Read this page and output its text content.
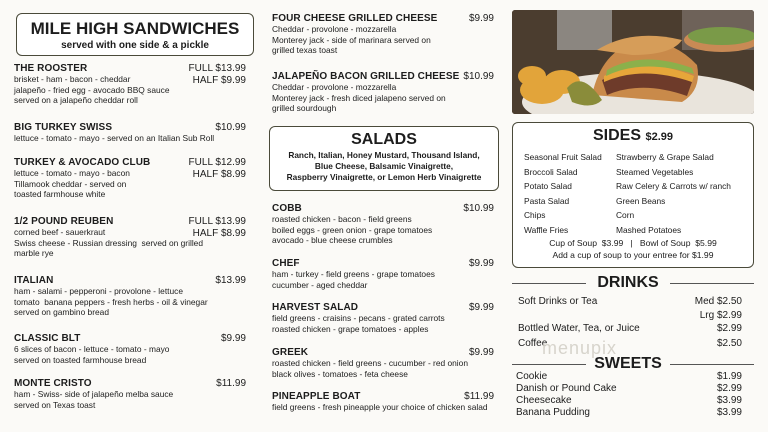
MILE HIGH SANDWICHES
served with one side & a pickle
THE ROOSTER	FULL $13.99
HALF $9.99
brisket - ham - bacon - cheddar
jalapeño - fried egg - avocado BBQ sauce
served on a jalapeño cheddar roll
BIG TURKEY SWISS	$10.99
lettuce - tomato - mayo - served on an Italian Sub Roll
TURKEY & AVOCADO CLUB	FULL $12.99
HALF $8.99
lettuce - tomato - mayo - bacon
Tillamook cheddar - served on
toasted farmhouse white
1/2 POUND REUBEN	FULL $13.99
HALF $8.99
corned beef - sauerkraut
Swiss cheese - Russian dressing  served on grilled
marble rye
ITALIAN	$13.99
ham - salami - pepperoni - provolone - lettuce
tomato  banana peppers - fresh herbs - oil & vinegar
served on gambino bread
CLASSIC BLT	$9.99
6 slices of bacon - lettuce - tomato - mayo
served on toasted farmhouse bread
MONTE CRISTO	$11.99
ham - Swiss- side of jalapeño melba sauce
served on Texas toast
FOUR CHEESE GRILLED CHEESE	$9.99
Cheddar - provolone - mozzarella
Monterey jack - side of marinara served on
grilled texas toast
JALAPEÑO BACON GRILLED CHEESE $10.99
Cheddar - provolone - mozzarella
Monterey jack - fresh diced jalapeno served on
grilled sourdough
SALADS
Ranch, Italian, Honey Mustard, Thousand Island,
Blue Cheese, Balsamic Vinaigrette,
Raspberry Vinaigrette, or Lemon Herb Vinaigrette
COBB	$10.99
roasted chicken - bacon - field greens
boiled eggs - green onion - grape tomatoes
avocado - blue cheese crumbles
CHEF	$9.99
ham - turkey - field greens - grape tomatoes
cucumber - aged cheddar
HARVEST SALAD	$9.99
field greens - craisins - pecans - grated carrots
roasted chicken - grape tomatoes - apples
GREEK	$9.99
roasted chicken - field greens - cucumber - red onion
black olives - tomatoes - feta cheese
PINEAPPLE BOAT	$11.99
field greens - fresh pineapple your choice of chicken salad
SIDES $2.99
Seasonal Fruit Salad
Broccoli Salad
Potato Salad
Pasta Salad
Chips
Waffle Fries
Strawberry & Grape Salad
Steamed Vegetables
Raw Celery & Carrots w/ ranch
Green Beans
Corn
Mashed Potatoes
Cup of Soup  $3.99   |   Bowl of Soup  $5.99
Add a cup of soup to your entree for $1.99
DRINKS
Soft Drinks or Tea	Med $2.50
Lrg $2.99
Bottled Water, Tea, or Juice	$2.99
Coffee	$2.50
SWEETS
Cookie	$1.99
Danish or Pound Cake	$2.99
Cheesecake	$3.99
Banana Pudding	$3.99
menupix
